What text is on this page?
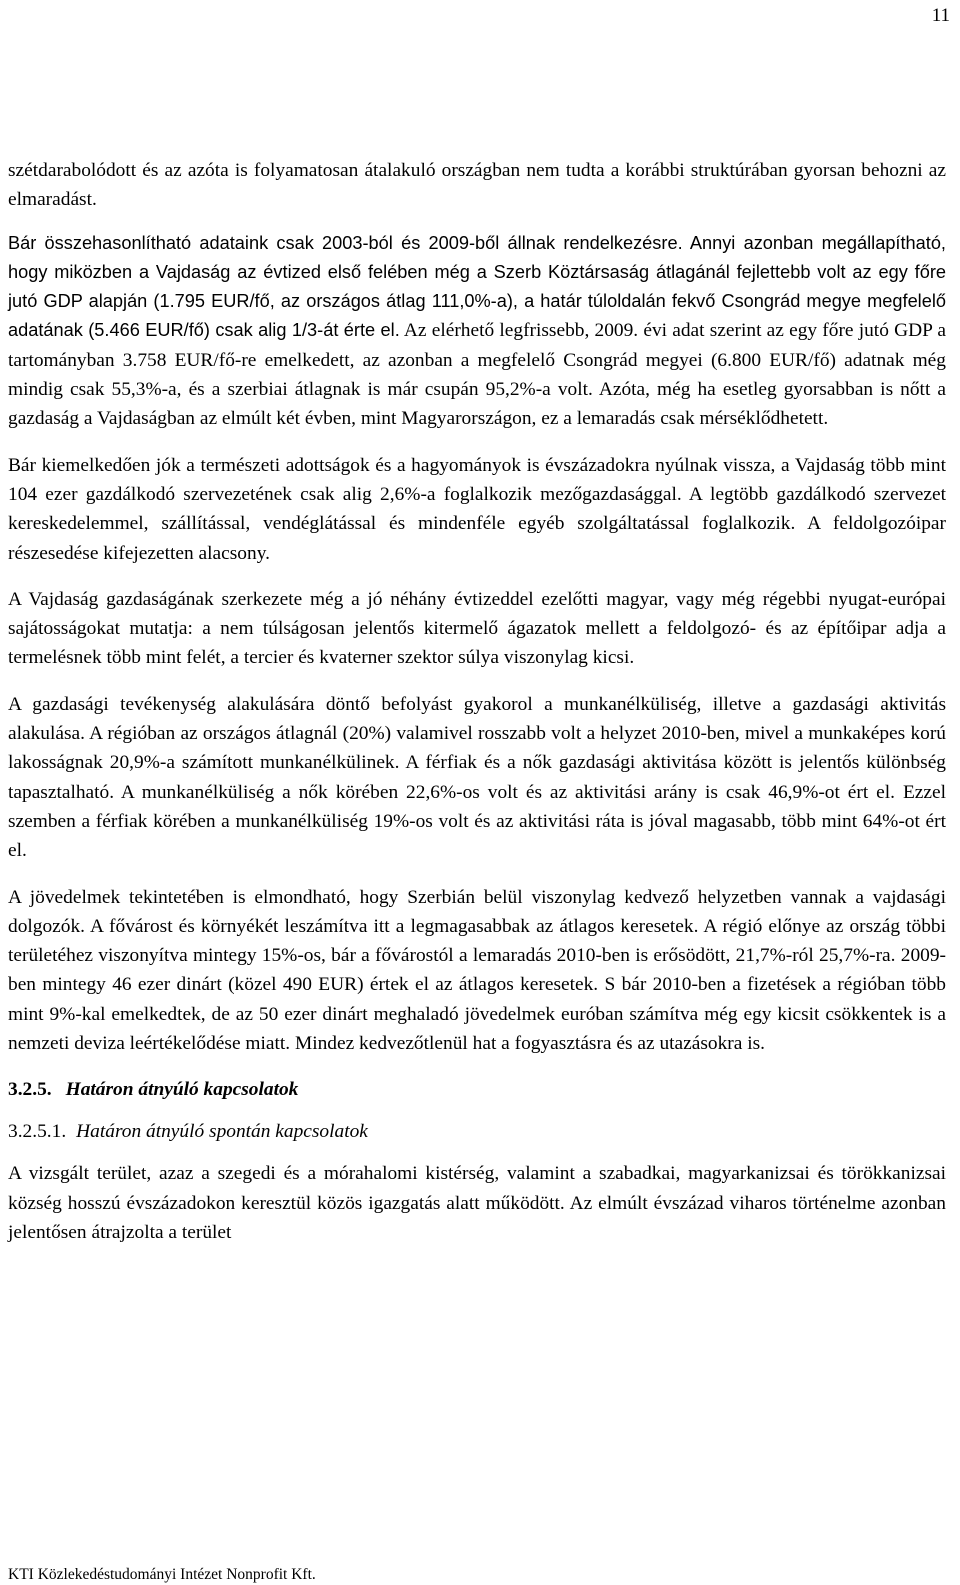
11

szétdarabolódott és az azóta is folyamatosan átalakuló országban nem tudta a korábbi struktúrában gyorsan behozni az elmaradást.

Bár összehasonlítható adataink csak 2003-ból és 2009-ből állnak rendelkezésre. Annyi azonban megállapítható, hogy miközben a Vajdaság az évtized első felében még a Szerb Köztársaság átlagánál fejlettebb volt az egy főre jutó GDP alapján (1.795 EUR/fő, az országos átlag 111,0%-a), a határ túloldalán fekvő Csongrád megye megfelelő adatának (5.466 EUR/fő) csak alig 1/3-át érte el. Az elérhető legfrissebb, 2009. évi adat szerint az egy főre jutó GDP a tartományban 3.758 EUR/fő-re emelkedett, az azonban a megfelelő Csongrád megyei (6.800 EUR/fő) adatnak még mindig csak 55,3%-a, és a szerbiai átlagnak is már csupán 95,2%-a volt. Azóta, még ha esetleg gyorsabban is nőtt a gazdaság a Vajdaságban az elmúlt két évben, mint Magyarországon, ez a lemaradás csak mérséklődhetett.

Bár kiemelkedően jók a természeti adottságok és a hagyományok is évszázadokra nyúlnak vissza, a Vajdaság több mint 104 ezer gazdálkodó szervezetének csak alig 2,6%-a foglalkozik mezőgazdasággal. A legtöbb gazdálkodó szervezet kereskedelemmel, szállítással, vendéglátással és mindenféle egyéb szolgáltatással foglalkozik. A feldolgozóipar részesedése kifejezetten alacsony.

A Vajdaság gazdaságának szerkezete még a jó néhány évtizeddel ezelőtti magyar, vagy még régebbi nyugat-európai sajátosságokat mutatja: a nem túlságosan jelentős kitermelő ágazatok mellett a feldolgozó- és az építőipar adja a termelésnek több mint felét, a tercier és kvaterner szektor súlya viszonylag kicsi.

A gazdasági tevékenység alakulására döntő befolyást gyakorol a munkanélküliség, illetve a gazdasági aktivitás alakulása. A régióban az országos átlagnál (20%) valamivel rosszabb volt a helyzet 2010-ben, mivel a munkaképes korú lakosságnak 20,9%-a számított munkanélkülinek. A férfiak és a nők gazdasági aktivitása között is jelentős különbség tapasztalható. A munkanélküliség a nők körében 22,6%-os volt és az aktivitási arány is csak 46,9%-ot ért el. Ezzel szemben a férfiak körében a munkanélküliség 19%-os volt és az aktivitási ráta is jóval magasabb, több mint 64%-ot ért el.

A jövedelmek tekintetében is elmondható, hogy Szerbián belül viszonylag kedvező helyzetben vannak a vajdasági dolgozók. A fővárost és környékét leszámítva itt a legmagasabbak az átlagos keresetek. A régió előnye az ország többi területéhez viszonyítva mintegy 15%-os, bár a fővárostól a lemaradás 2010-ben is erősödött, 21,7%-ról 25,7%-ra. 2009-ben mintegy 46 ezer dinárt (közel 490 EUR) értek el az átlagos keresetek. S bár 2010-ben a fizetések a régióban több mint 9%-kal emelkedtek, de az 50 ezer dinárt meghaladó jövedelmek euróban számítva még egy kicsit csökkentek is a nemzeti deviza leértékelődése miatt. Mindez kedvezőtlenül hat a fogyasztásra és az utazásokra is.

3.2.5. Határon átnyúló kapcsolatok
3.2.5.1. Határon átnyúló spontán kapcsolatok

A vizsgált terület, azaz a szegedi és a mórahalomi kistérség, valamint a szabadkai, magyarkanizsai és törökkanizsai község hosszú évszázadokon keresztül közös igazgatás alatt működött. Az elmúlt évszázad viharos történelme azonban jelentősen átrajzolta a terület

KTI Közlekedéstudományi Intézet Nonprofit Kft.
